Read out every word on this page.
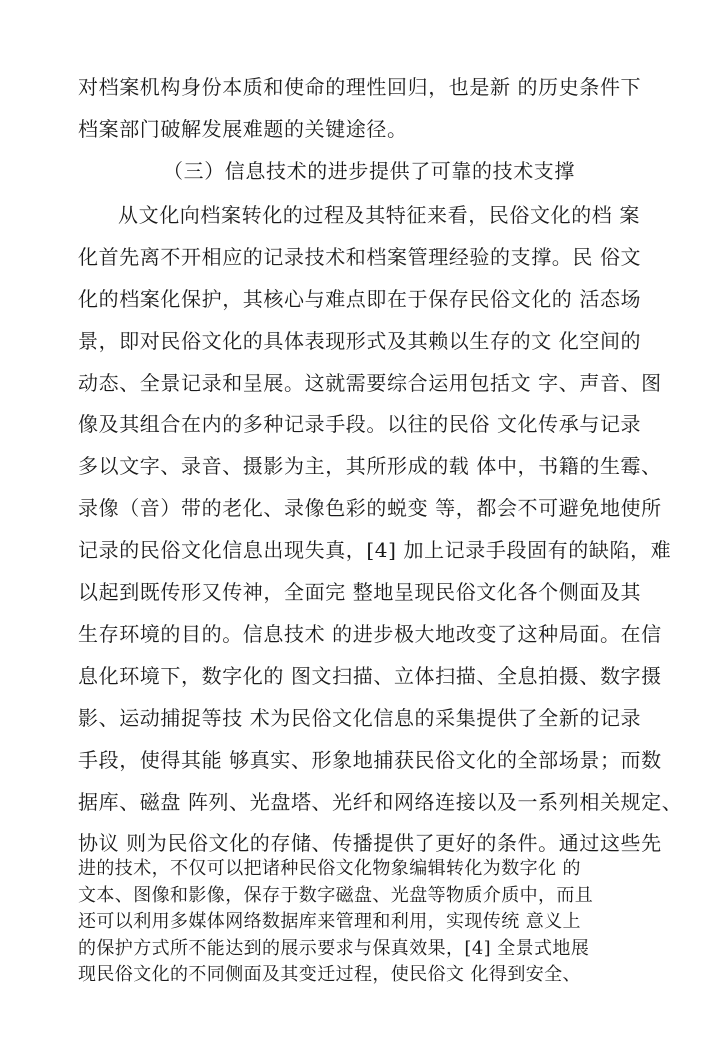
对档案机构身份本质和使命的理性回归，也是新 的历史条件下
档案部门破解发展难题的关键途径。
（三）信息技术的进步提供了可靠的技术支撑
从文化向档案转化的过程及其特征来看，民俗文化的档 案
化首先离不开相应的记录技术和档案管理经验的支撑。民 俗文
化的档案化保护，其核心与难点即在于保存民俗文化的 活态场
景，即对民俗文化的具体表现形式及其赖以生存的文 化空间的
动态、全景记录和呈展。这就需要综合运用包括文 字、声音、图
像及其组合在内的多种记录手段。以往的民俗 文化传承与记录
多以文字、录音、摄影为主，其所形成的载 体中，书籍的生霉、
录像（音）带的老化、录像色彩的蜕变 等，都会不可避免地使所
记录的民俗文化信息出现失真，[4] 加上记录手段固有的缺陷，难
以起到既传形又传神，全面完 整地呈现民俗文化各个侧面及其
生存环境的目的。信息技术 的进步极大地改变了这种局面。在信
息化环境下，数字化的 图文扫描、立体扫描、全息拍摄、数字摄
影、运动捕捉等技 术为民俗文化信息的采集提供了全新的记录
手段，使得其能 够真实、形象地捕获民俗文化的全部场景；而数
据库、磁盘 阵列、光盘塔、光纤和网络连接以及一系列相关规定、
协议 则为民俗文化的存储、传播提供了更好的条件。通过这些先
进的技术，不仅可以把诸种民俗文化物象编辑转化为数字化 的
文本、图像和影像，保存于数字磁盘、光盘等物质介质中，而且
还可以利用多媒体网络数据库来管理和利用，实现传统 意义上
的保护方式所不能达到的展示要求与保真效果，[4] 全景式地展
现民俗文化的不同侧面及其变迁过程，使民俗文 化得到安全、
